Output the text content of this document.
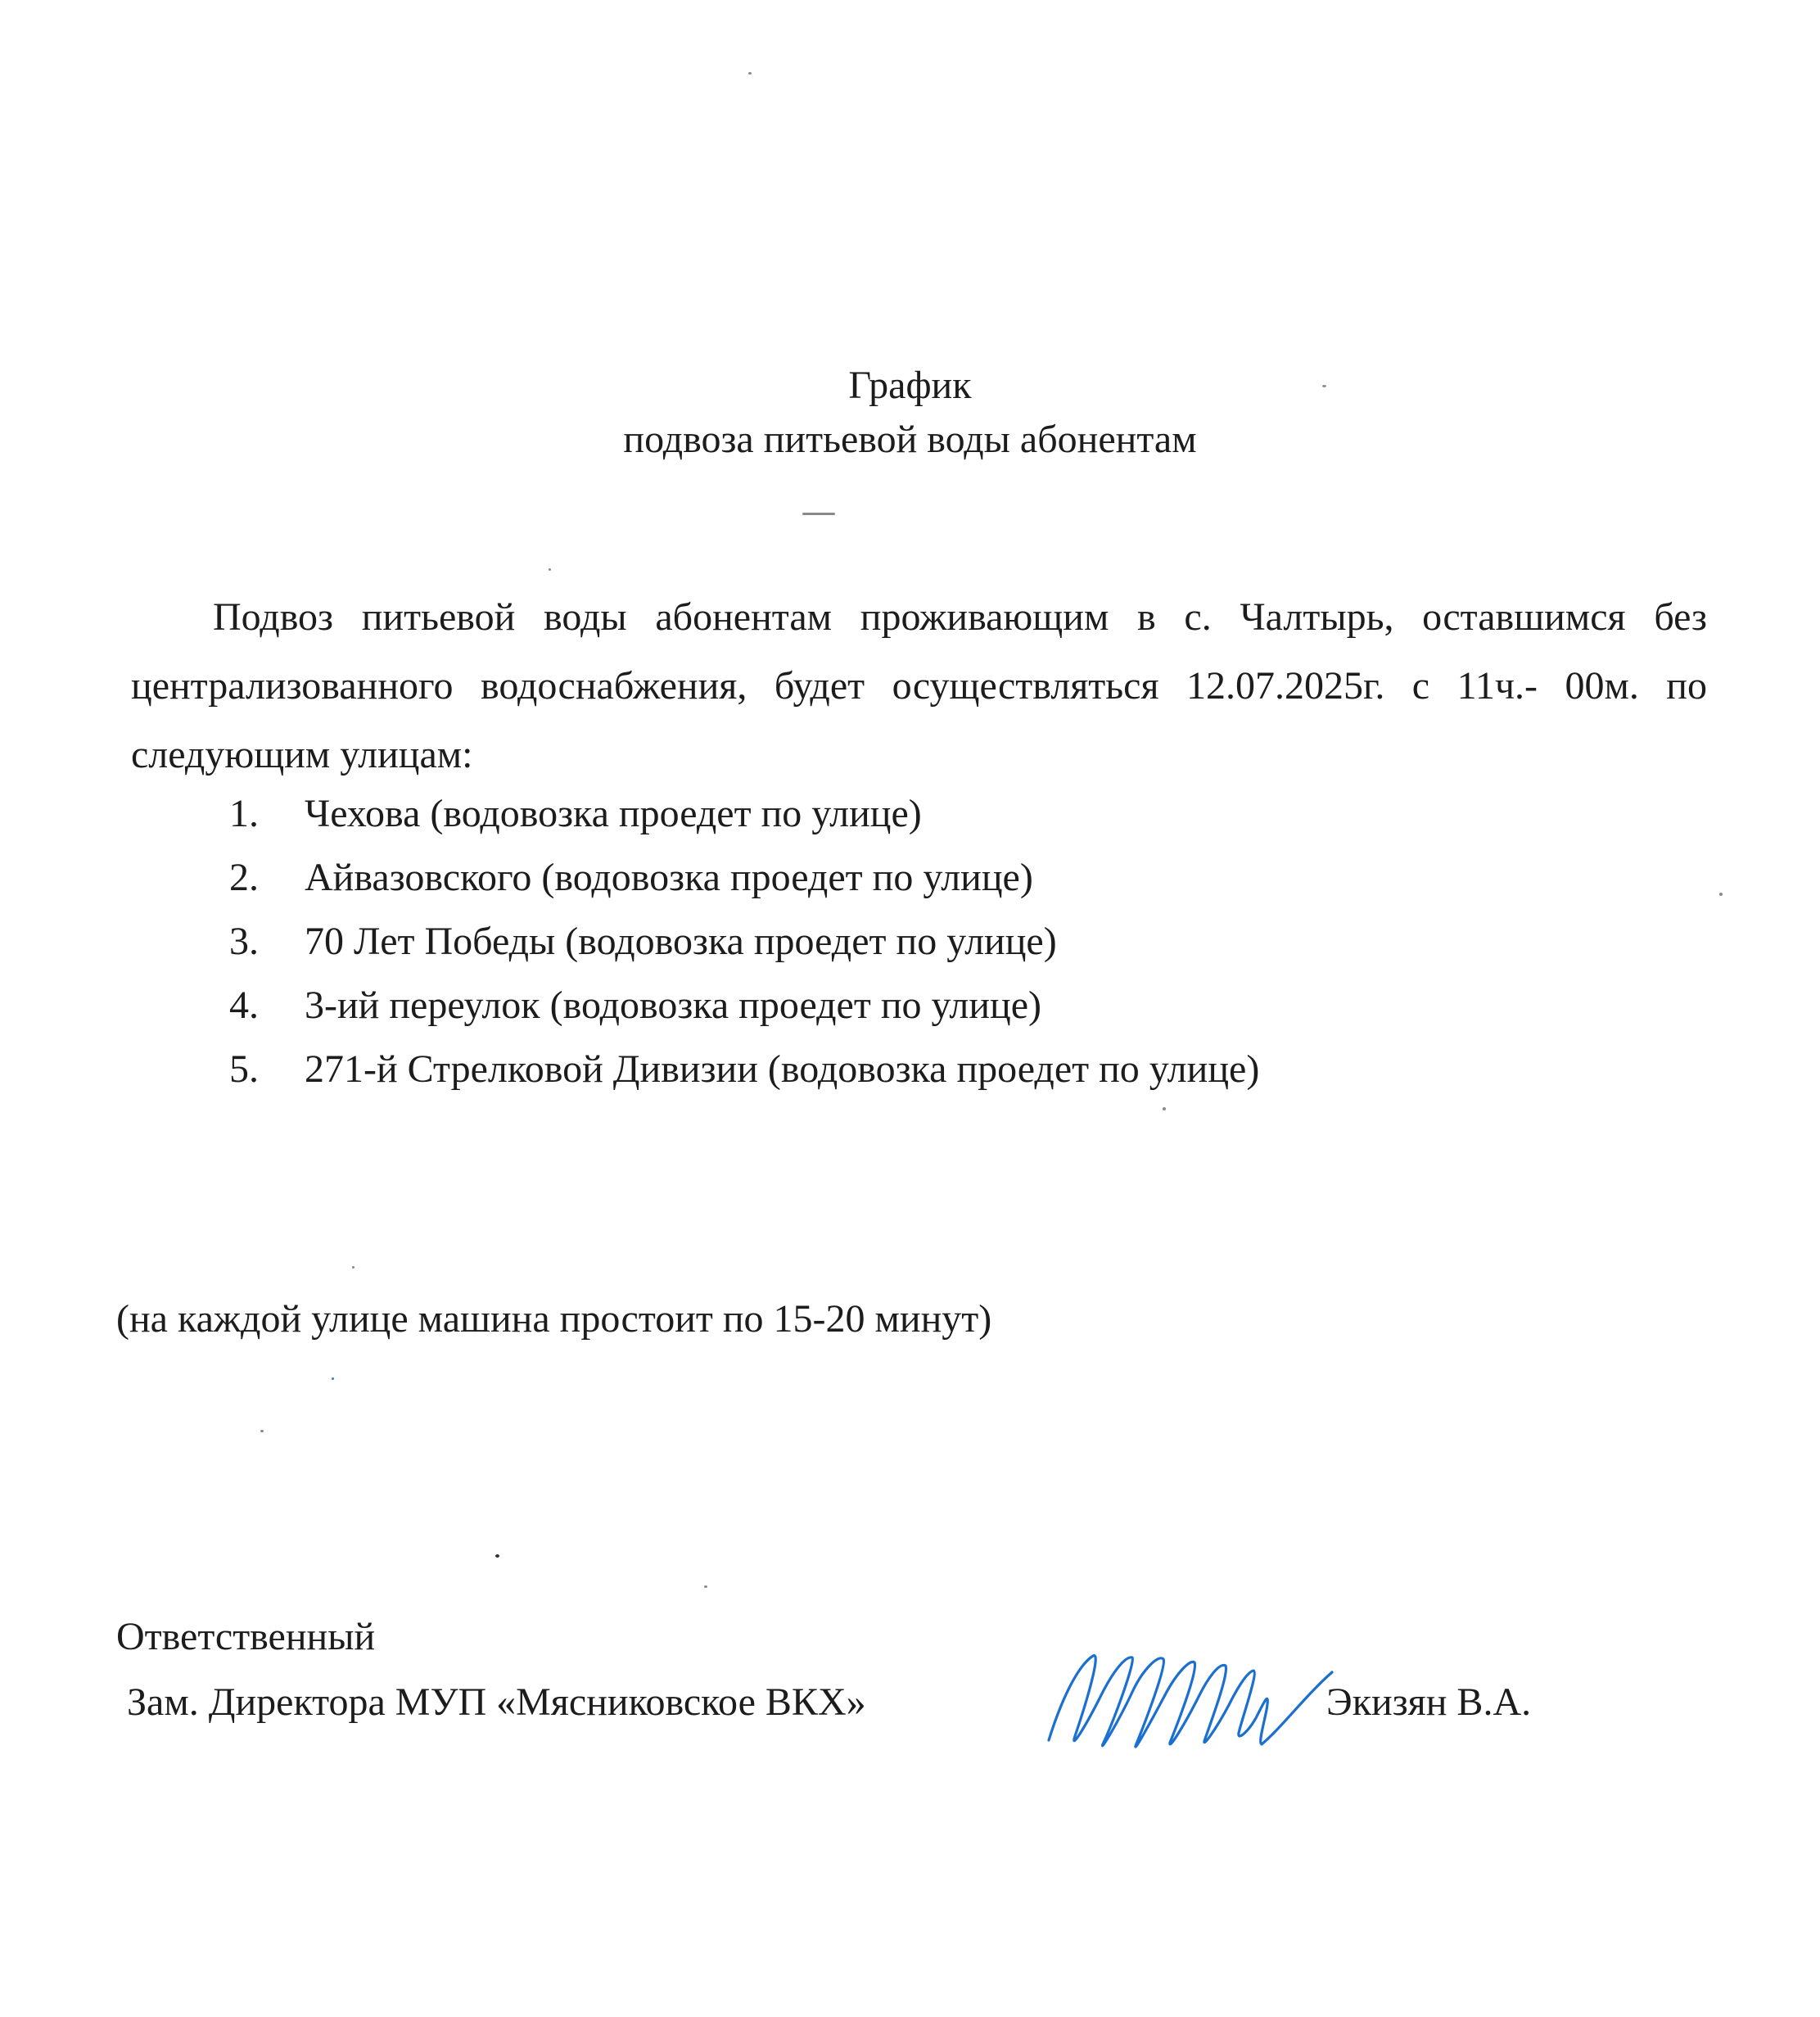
График
подвоза питьевой воды абонентам
Подвоз питьевой воды абонентам проживающим в с. Чалтырь, оставшимся без централизованного водоснабжения, будет осуществляться 12.07.2025г. с 11ч.- 00м. по следующим улицам:
1. Чехова (водовозка проедет по улице)
2. Айвазовского (водовозка проедет по улице)
3. 70 Лет Победы (водовозка проедет по улице)
4. 3-ий переулок (водовозка проедет по улице)
5. 271-й Стрелковой Дивизии (водовозка проедет по улице)
(на каждой улице машина простоит по 15-20 минут)
Ответственный
Зам. Директора МУП «Мясниковское ВКХ»	Экизян В.А.
